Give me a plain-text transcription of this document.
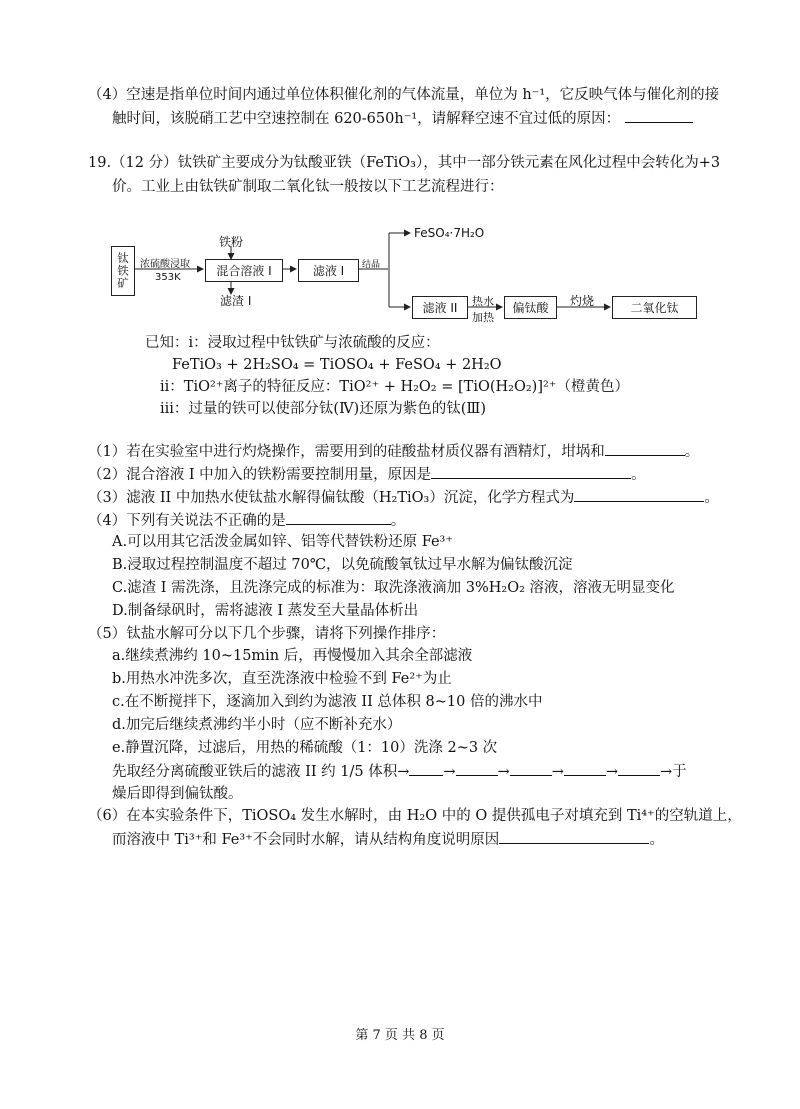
（4）空速是指单位时间内通过单位体积催化剂的气体流量，单位为 h⁻¹，它反映气体与催化剂的接
触时间，该脱硝工艺中空速控制在 620-650h⁻¹，请解释空速不宜过低的原因：
19.（12 分）钛铁矿主要成分为钛酸亚铁（FeTiO₃），其中一部分铁元素在风化过程中会转化为+3
价。工业上由钛铁矿制取二氧化钛一般按以下工艺流程进行：
钛铁矿 浓硫酸浸取
353K
铁粉
混合溶液 I
滤渣 I
滤液 I	结晶
FeSO₄·7H₂O
滤液 II	热水
加热
偏钛酸	灼烧	二氧化钛
已知：ⅰ：浸取过程中钛铁矿与浓硫酸的反应：
FeTiO₃ + 2H₂SO₄ = TiOSO₄ + FeSO₄ + 2H₂O
ⅱ：TiO²⁺离子的特征反应：TiO²⁺ + H₂O₂ = [TiO(H₂O₂)]²⁺（橙黄色）
ⅲ：过量的铁可以使部分钛(Ⅳ)还原为紫色的钛(Ⅲ)
（1）若在实验室中进行灼烧操作，需要用到的硅酸盐材质仪器有酒精灯，坩埚和	。
（2）混合溶液 I 中加入的铁粉需要控制用量，原因是	。
（3）滤液 II 中加热水使钛盐水解得偏钛酸（H₂TiO₃）沉淀，化学方程式为	。
（4）下列有关说法不正确的是	。
A.可以用其它活泼金属如锌、铝等代替铁粉还原 Fe³⁺
B.浸取过程控制温度不超过 70℃，以免硫酸氧钛过早水解为偏钛酸沉淀
C.滤渣 I 需洗涤，且洗涤完成的标准为：取洗涤液滴加 3%H₂O₂ 溶液，溶液无明显变化
D.制备绿矾时，需将滤液 I 蒸发至大量晶体析出
（5）钛盐水解可分以下几个步骤，请将下列操作排序：
a.继续煮沸约 10~15min 后，再慢慢加入其余全部滤液
b.用热水冲洗多次，直至洗涤液中检验不到 Fe²⁺为止
c.在不断搅拌下，逐滴加入到约为滤液 II 总体积 8~10 倍的沸水中
d.加完后继续煮沸约半小时（应不断补充水）
e.静置沉降，过滤后，用热的稀硫酸（1：10）洗涤 2~3 次
先取经分离硫酸亚铁后的滤液 II 约 1/5 体积→ →	→	→	→	→于
燥后即得到偏钛酸。
（6）在本实验条件下，TiOSO₄ 发生水解时，由 H₂O 中的 O 提供孤电子对填充到 Ti⁴⁺的空轨道上，
而溶液中 Ti³⁺和 Fe³⁺不会同时水解，请从结构角度说明原因	。
第 7 页 共 8 页
